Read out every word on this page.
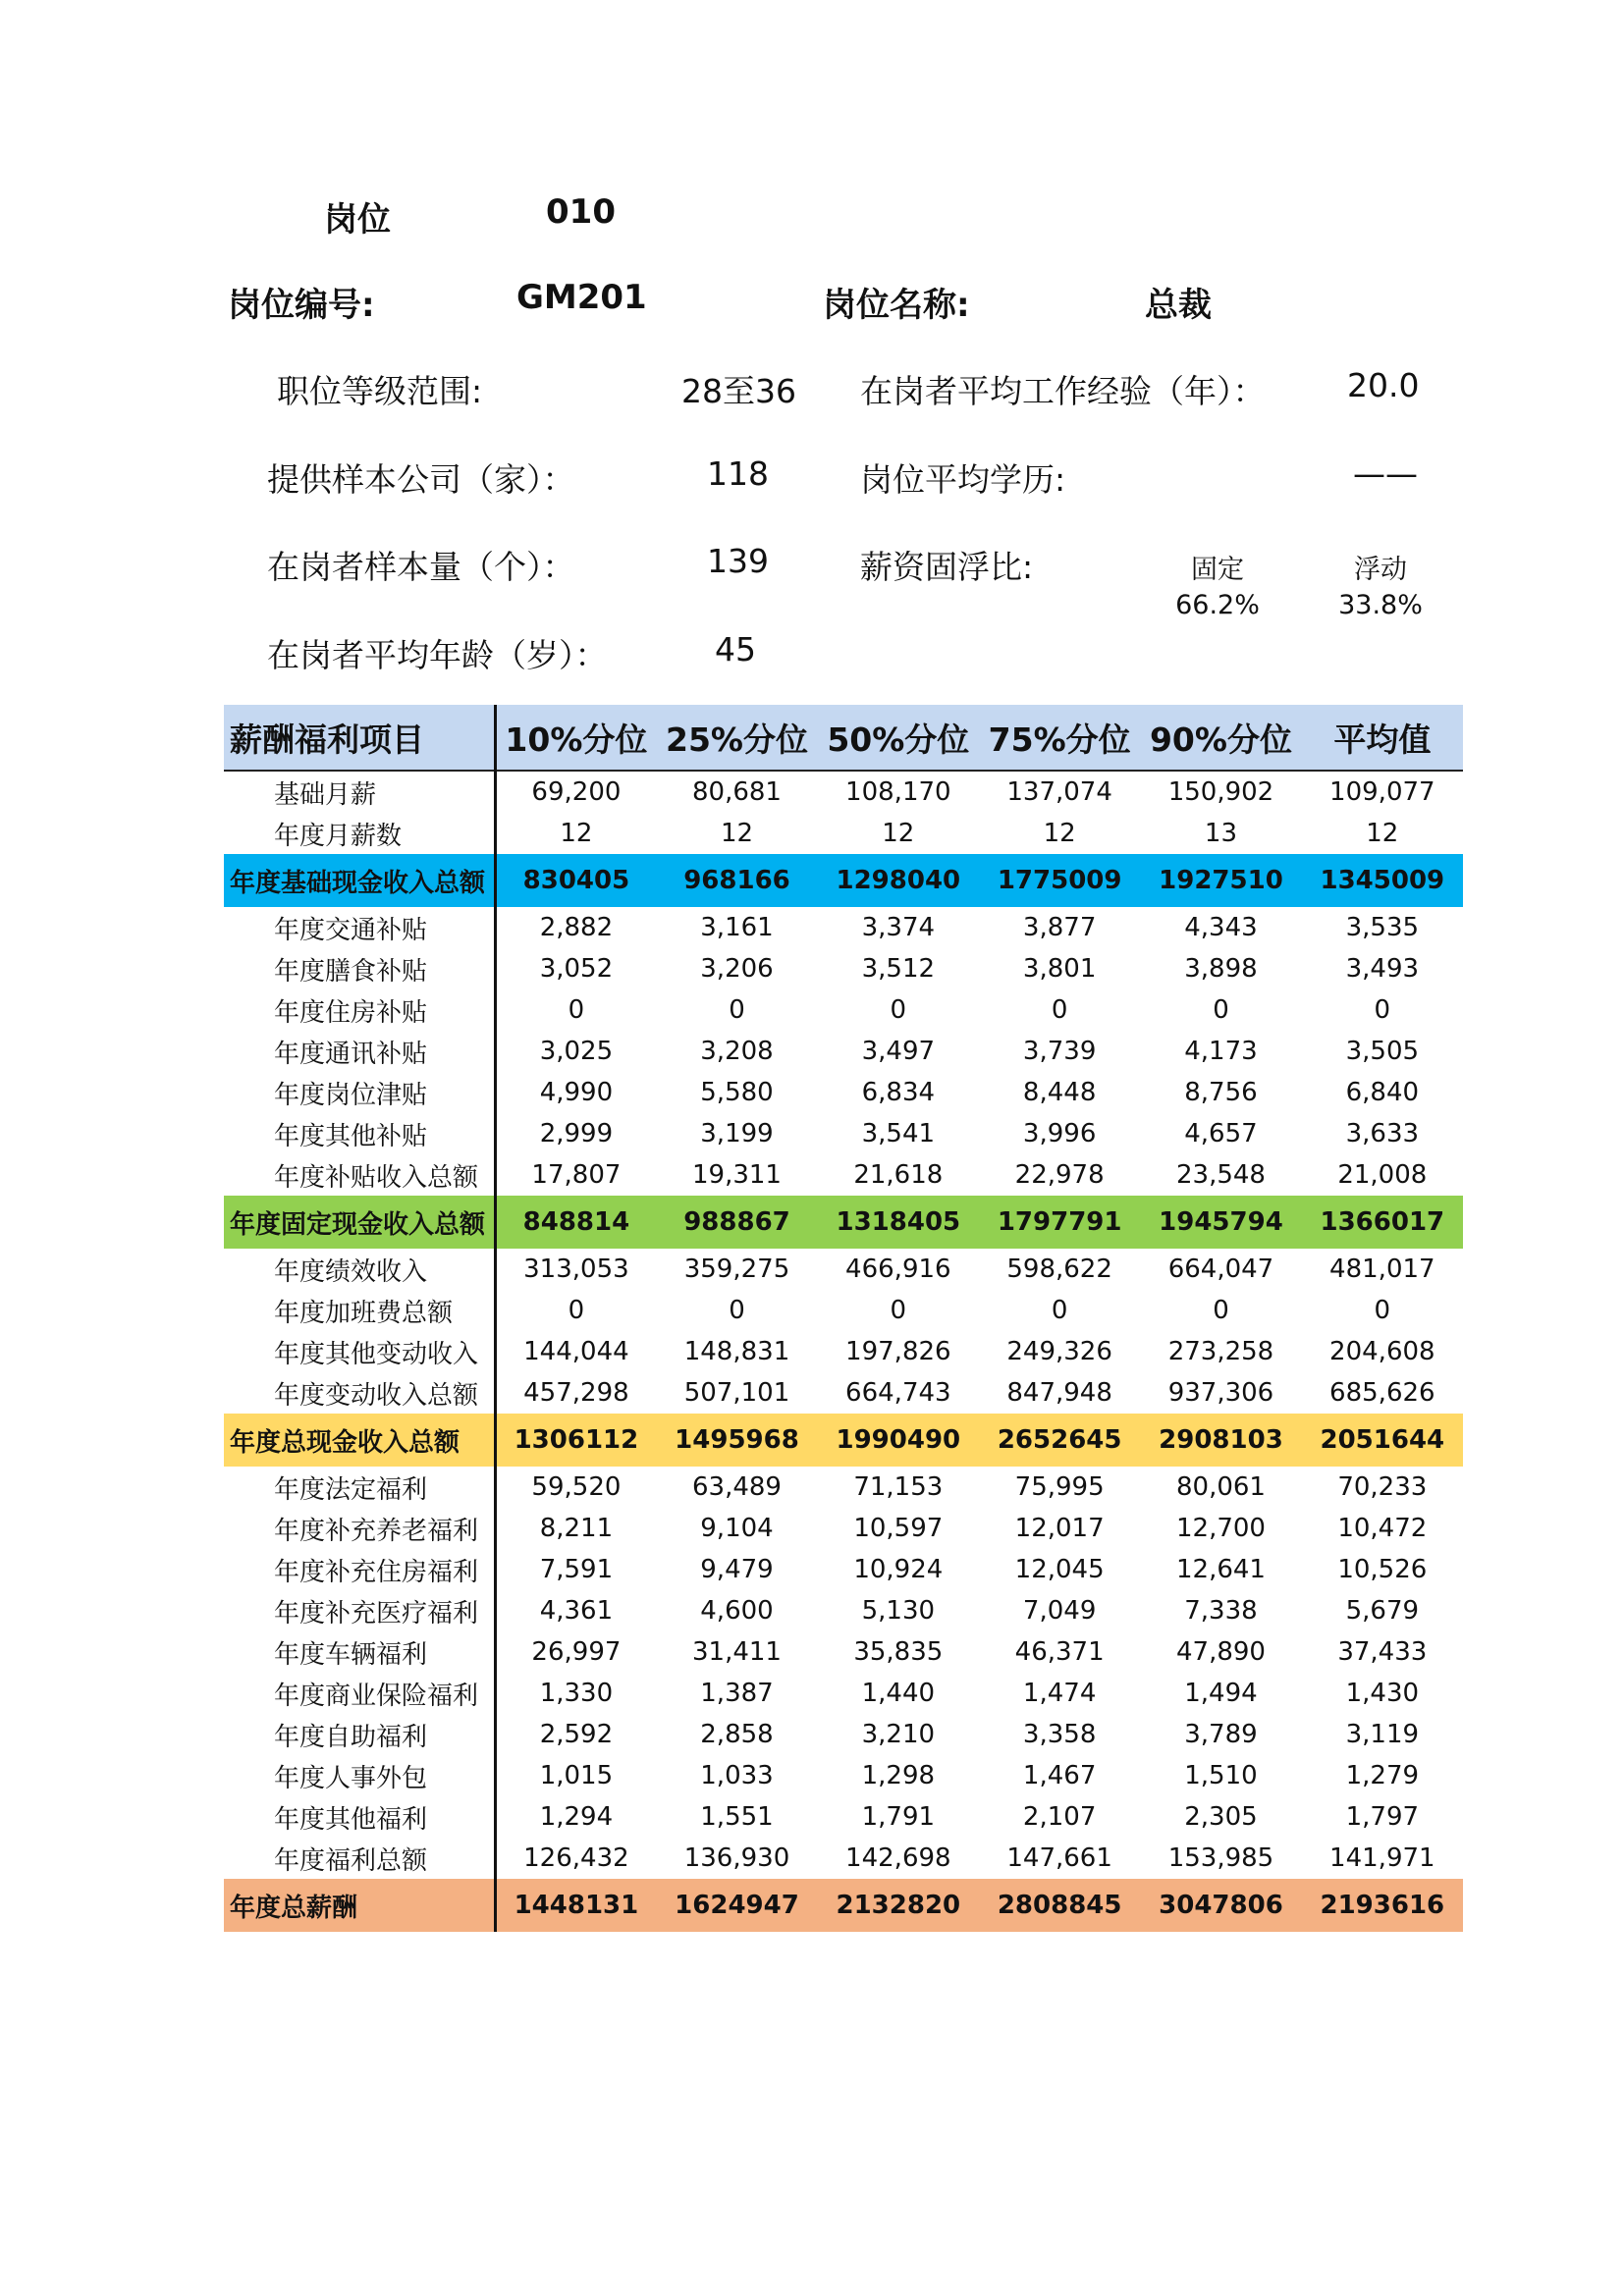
岗位	010
岗位编号:	GM201	岗位名称:	总裁
职位等级范围:	28至36 在岗者平均工作经验（年）：	20.0
提供样本公司（家）：	118	岗位平均学历:	——
在岗者样本量（个）：	139	薪资固浮比:	固定	浮动
66.2%	33.8%
在岗者平均年龄（岁）：	45
薪酬福利项目	10%分位	25%分位	50%分位	75%分位	90%分位	平均值
基础月薪	69,200	80,681	108,170	137,074	150,902	109,077
年度月薪数	12	12	12	12	13	12
年度基础现金收入总额	830405	968166	1298040	1775009	1927510	1345009
年度交通补贴	2,882	3,161	3,374	3,877	4,343	3,535
年度膳食补贴	3,052	3,206	3,512	3,801	3,898	3,493
年度住房补贴	0	0	0	0	0	0
年度通讯补贴	3,025	3,208	3,497	3,739	4,173	3,505
年度岗位津贴	4,990	5,580	6,834	8,448	8,756	6,840
年度其他补贴	2,999	3,199	3,541	3,996	4,657	3,633
年度补贴收入总额	17,807	19,311	21,618	22,978	23,548	21,008
年度固定现金收入总额	848814	988867	1318405	1797791	1945794	1366017
年度绩效收入	313,053	359,275	466,916	598,622	664,047	481,017
年度加班费总额	0	0	0	0	0	0
年度其他变动收入	144,044	148,831	197,826	249,326	273,258	204,608
年度变动收入总额	457,298	507,101	664,743	847,948	937,306	685,626
年度总现金收入总额	1306112	1495968	1990490	2652645	2908103	2051644
年度法定福利	59,520	63,489	71,153	75,995	80,061	70,233
年度补充养老福利	8,211	9,104	10,597	12,017	12,700	10,472
年度补充住房福利	7,591	9,479	10,924	12,045	12,641	10,526
年度补充医疗福利	4,361	4,600	5,130	7,049	7,338	5,679
年度车辆福利	26,997	31,411	35,835	46,371	47,890	37,433
年度商业保险福利	1,330	1,387	1,440	1,474	1,494	1,430
年度自助福利	2,592	2,858	3,210	3,358	3,789	3,119
年度人事外包	1,015	1,033	1,298	1,467	1,510	1,279
年度其他福利	1,294	1,551	1,791	2,107	2,305	1,797
年度福利总额	126,432	136,930	142,698	147,661	153,985	141,971
年度总薪酬	1448131	1624947	2132820	2808845	3047806	2193616
